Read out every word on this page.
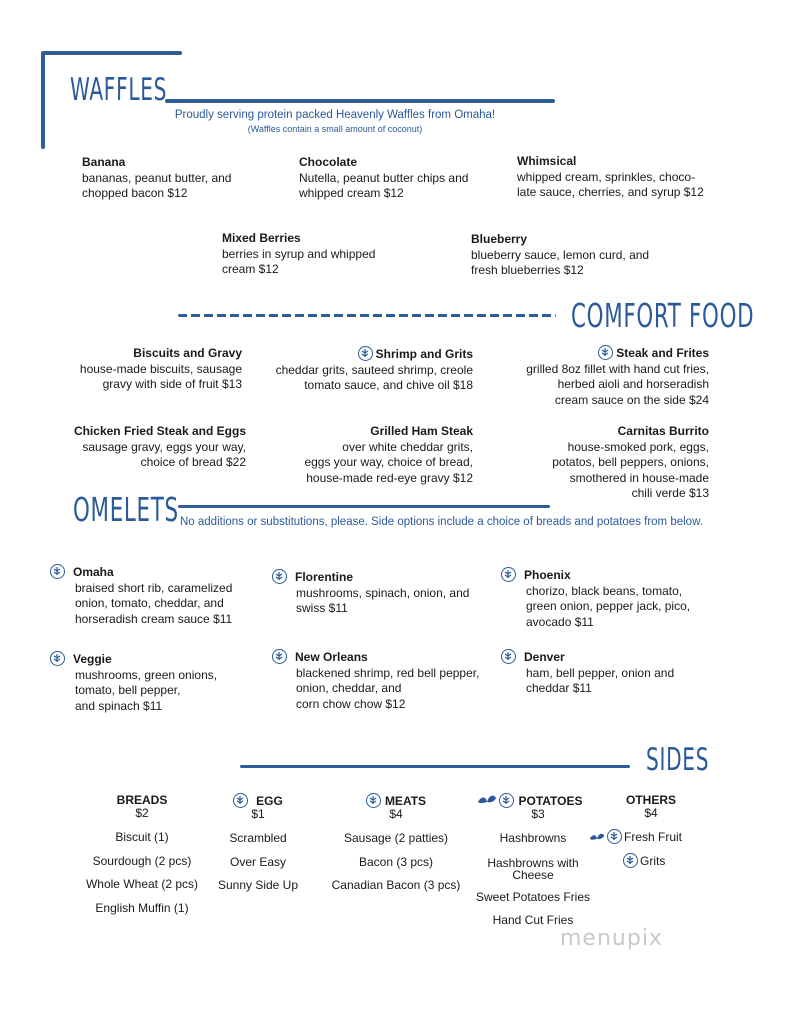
WAFFLES
COMFORT FOOD
OMELETS
SIDES
Proudly serving protein packed Heavenly Waffles from Omaha!
(Waffles contain a small amount of coconut)
Banana
bananas, peanut butter, and
chopped bacon $12
Chocolate
Nutella, peanut butter chips and
whipped cream $12
Whimsical
whipped cream, sprinkles, choco-
late sauce, cherries, and syrup $12
Mixed Berries
berries in syrup and whipped
cream $12
Blueberry
blueberry sauce, lemon curd, and
fresh blueberries $12
Biscuits and Gravy
house-made biscuits, sausage
gravy with side of fruit $13
Shrimp and Grits
cheddar grits, sauteed shrimp, creole
tomato sauce, and chive oil $18
Steak and Frites
grilled 8oz fillet with hand cut fries,
herbed aioli and horseradish
cream sauce on the side $24
Chicken Fried Steak and Eggs
sausage gravy, eggs your way,
choice of bread $22
Grilled Ham Steak
over white cheddar grits,
eggs your way, choice of bread,
house-made red-eye gravy $12
Carnitas Burrito
house-smoked pork, eggs,
potatos, bell peppers, onions,
smothered in house-made
chili verde $13
No additions or substitutions, please. Side options include a choice of breads and potatoes from below.
Omaha
braised short rib, caramelized
onion, tomato, cheddar, and
horseradish cream sauce $11
Florentine
mushrooms, spinach, onion, and
swiss $11
Phoenix
chorizo, black beans, tomato,
green onion, pepper jack, pico,
avocado $11
Veggie
mushrooms, green onions,
tomato, bell pepper,
and spinach $11
New Orleans
blackened shrimp, red bell pepper,
onion, cheddar, and
corn chow chow $12
Denver
ham, bell pepper, onion and
cheddar $11
BREADS
$2
Biscuit (1)
Sourdough (2 pcs)
Whole Wheat (2 pcs)
English Muffin (1)
EGG
$1
Scrambled
Over Easy
Sunny Side Up
MEATS
$4
Sausage (2 patties)
Bacon (3 pcs)
Canadian Bacon (3 pcs)
POTATOES
$3
Hashbrowns
Hashbrowns with Cheese
Sweet Potatoes Fries
Hand Cut Fries
OTHERS
$4
Fresh Fruit
Grits
menupix
